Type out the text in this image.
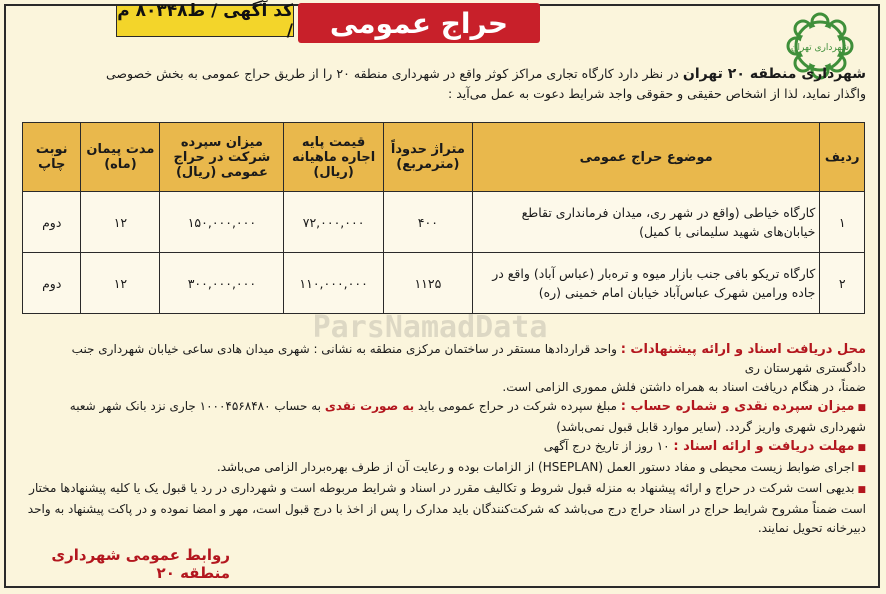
حراج عمومی
کد آگهی / ط۸۰۳۴۸ م /
شهرداری تهران
شهرداری منطقه ۲۰ تهران در نظر دارد کارگاه تجاری مراکز کوثر واقع در شهرداری منطقه ۲۰ را از طریق حراج عمومی به بخش خصوصی واگذار نماید، لذا از اشخاص حقیقی و حقوقی واجد شرایط دعوت به عمل می‌آید :
ردیف	موضوع حراج عمومی	متراژ حدوداً (مترمربع)	قیمت پایه اجاره ماهیانه (ریال)	میزان سپرده شرکت در حراج عمومی (ریال)	مدت پیمان (ماه)	نوبت چاپ
۱	کارگاه خیاطی (واقع در شهر ری، میدان فرمانداری تقاطع خیابان‌های شهید سلیمانی با کمیل)	۴۰۰	۷۲,۰۰۰,۰۰۰	۱۵۰,۰۰۰,۰۰۰	۱۲	دوم
۲	کارگاه تریکو بافی جنب بازار میوه و تره‌بار (عباس آباد) واقع در جاده ورامین شهرک عباس‌آباد خیابان امام خمینی (ره)	۱۱۲۵	۱۱۰,۰۰۰,۰۰۰	۳۰۰,۰۰۰,۰۰۰	۱۲	دوم
ParsNamadData

محل دریافت اسناد و ارائه پیشنهادات : واحد قراردادها مستقر در ساختمان مرکزی منطقه به نشانی : شهری میدان هادی ساعی خیابان شهرداری جنب دادگستری شهرستان ری

ضمناً، در هنگام دریافت اسناد به همراه داشتن فلش مموری الزامی است.

■میزان سپرده نقدی و شماره حساب : مبلغ سپرده شرکت در حراج عمومی باید به صورت نقدی به حساب ۱۰۰۰۴۵۶۸۴۸۰ جاری نزد بانک شهر شعبه شهرداری شهری واریز گردد. (سایر موارد قابل قبول نمی‌باشد)

■مهلت دریافت و ارائه اسناد : ۱۰ روز از تاریخ درج آگهی

■اجرای ضوابط زیست محیطی و مفاد دستور العمل (HSEPLAN) از الزامات بوده و رعایت آن از طرف بهره‌بردار الزامی می‌باشد.

■بدیهی است شرکت در حراج و ارائه پیشنهاد به منزله قبول شروط و تکالیف مقرر در اسناد و شرایط مربوطه است و شهرداری در رد یا قبول یک یا کلیه پیشنهادها مختار است ضمناً مشروح شرایط حراج در اسناد حراج درج می‌باشد که شرکت‌کنندگان باید مدارک را پس از اخذ با درج قبول است، مهر و امضا نموده و در پاکت پیشنهاد به واحد دبیرخانه تحویل نمایند.

روابط عمومی شهرداری منطقه ۲۰
